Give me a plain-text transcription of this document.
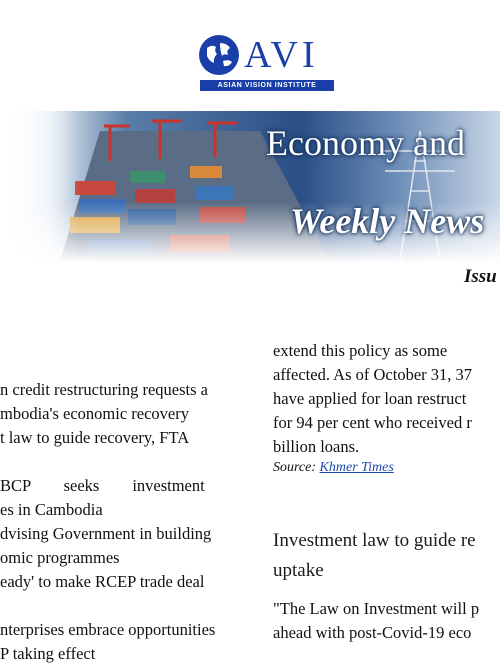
AVI
ASIAN VISION INSTITUTE
Economy and
Weekly News
Issu

n credit restructuring requests a

mbodia's economic recovery

t law to guide recovery, FTA

BCP        seeks        investment

es in Cambodia

dvising Government in building

omic programmes

eady' to make RCEP trade deal

nterprises embrace opportunities

P taking effect

extend this policy as some

affected. As of October 31, 37

have applied for loan restruct

for 94 per cent who received r

billion loans.

Source: Khmer Times
Investment law to guide re
uptake
"The Law on Investment will p
ahead with post-Covid-19 eco
